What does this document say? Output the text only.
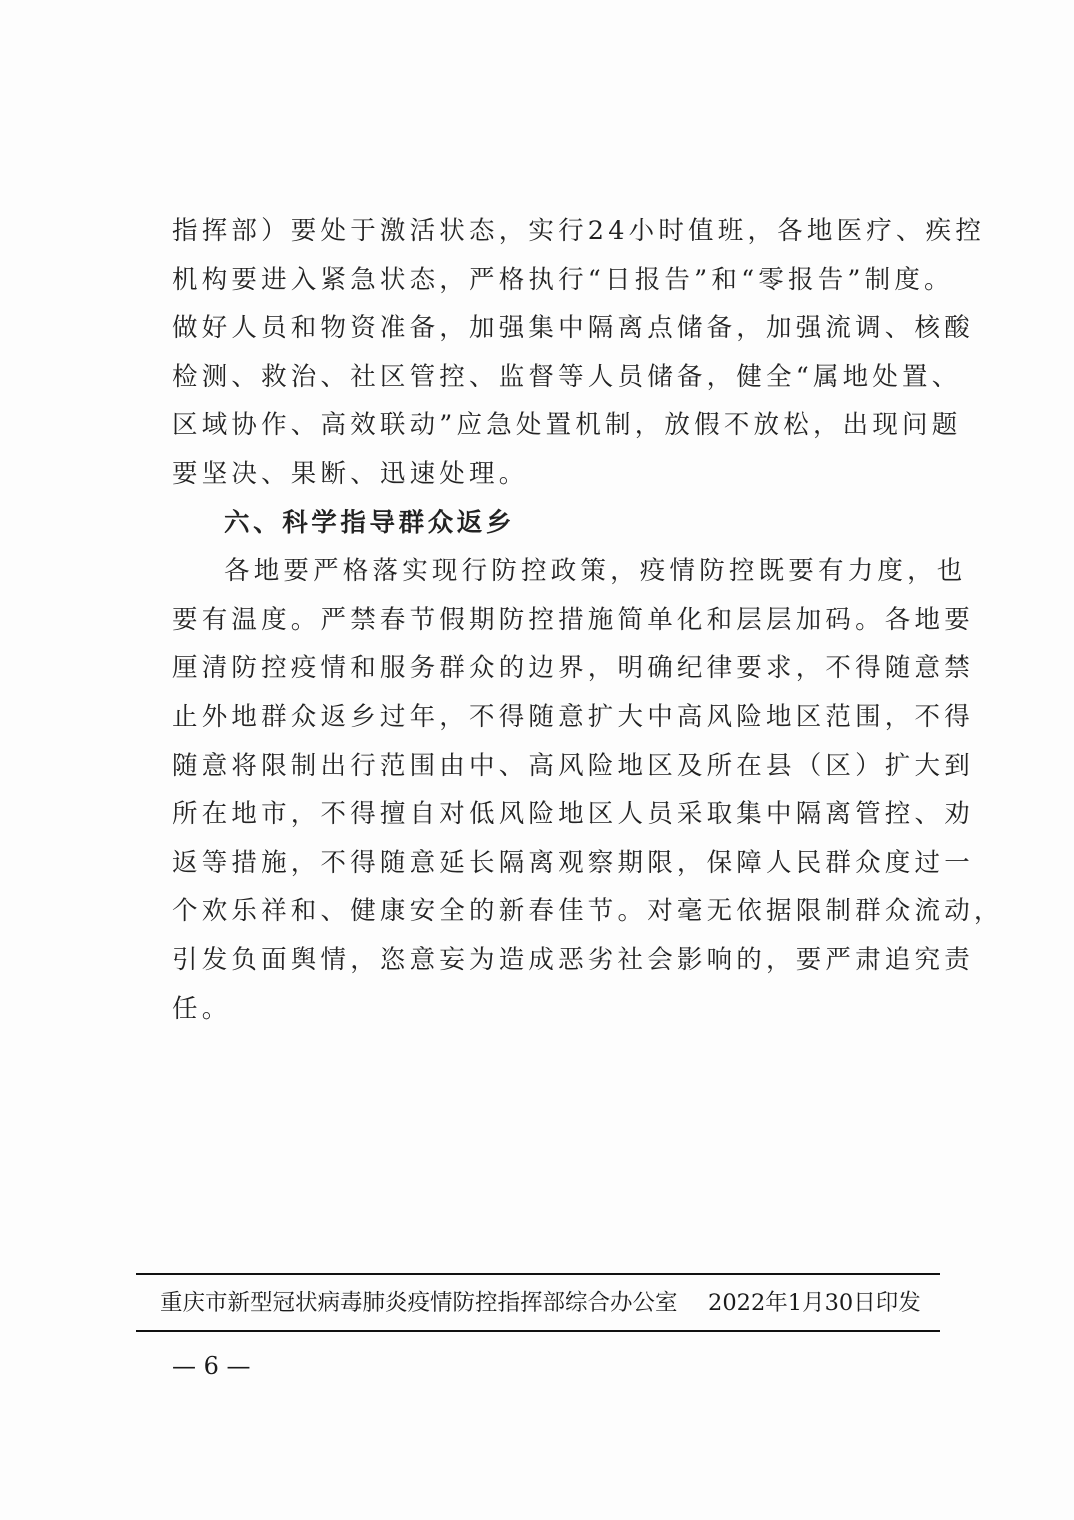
指挥部）要处于激活状态，实行24小时值班，各地医疗、疾控
机构要进入紧急状态，严格执行“日报告”和“零报告”制度。
做好人员和物资准备，加强集中隔离点储备，加强流调、核酸
检测、救治、社区管控、监督等人员储备，健全“属地处置、
区域协作、高效联动”应急处置机制，放假不放松，出现问题
要坚决、果断、迅速处理。
六、科学指导群众返乡
各地要严格落实现行防控政策，疫情防控既要有力度，也
要有温度。严禁春节假期防控措施简单化和层层加码。各地要
厘清防控疫情和服务群众的边界，明确纪律要求，不得随意禁
止外地群众返乡过年，不得随意扩大中高风险地区范围，不得
随意将限制出行范围由中、高风险地区及所在县（区）扩大到
所在地市，不得擅自对低风险地区人员采取集中隔离管控、劝
返等措施，不得随意延长隔离观察期限，保障人民群众度过一
个欢乐祥和、健康安全的新春佳节。对毫无依据限制群众流动，
引发负面舆情，恣意妄为造成恶劣社会影响的，要严肃追究责
任。
重庆市新型冠状病毒肺炎疫情防控指挥部综合办公室 2022年1月30日印发
— 6 —
